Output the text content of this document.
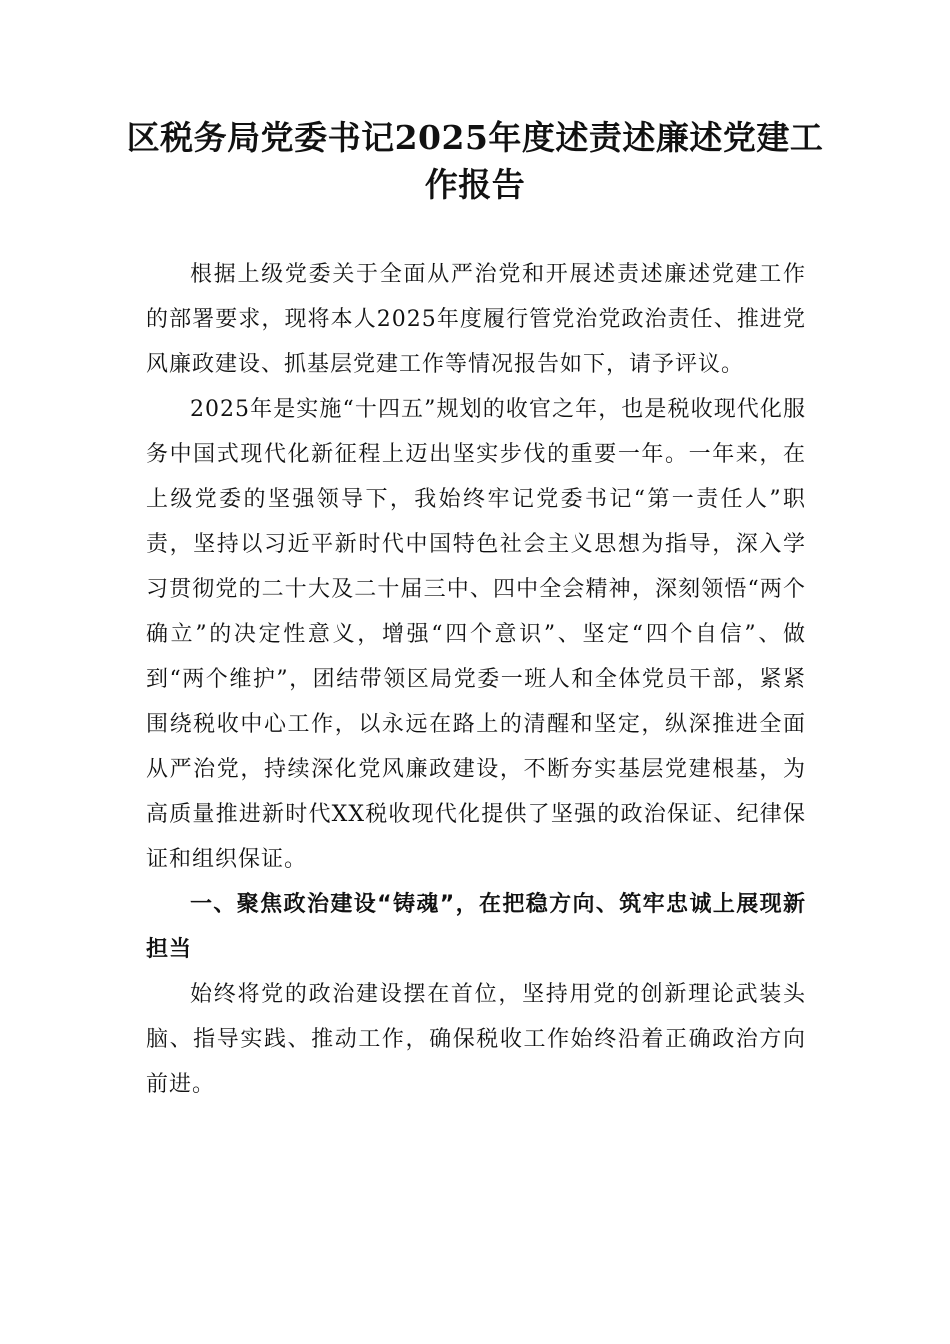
区税务局党委书记2025年度述责述廉述党建工作报告

根据上级党委关于全面从严治党和开展述责述廉述党建工作的部署要求，现将本人2025年度履行管党治党政治责任、推进党风廉政建设、抓基层党建工作等情况报告如下，请予评议。

2025年是实施“十四五”规划的收官之年，也是税收现代化服务中国式现代化新征程上迈出坚实步伐的重要一年。一年来，在上级党委的坚强领导下，我始终牢记党委书记“第一责任人”职责，坚持以习近平新时代中国特色社会主义思想为指导，深入学习贯彻党的二十大及二十届三中、四中全会精神，深刻领悟“两个确立”的决定性意义，增强“四个意识”、坚定“四个自信”、做到“两个维护”，团结带领区局党委一班人和全体党员干部，紧紧围绕税收中心工作，以永远在路上的清醒和坚定，纵深推进全面从严治党，持续深化党风廉政建设，不断夯实基层党建根基，为高质量推进新时代XX税收现代化提供了坚强的政治保证、纪律保证和组织保证。

一、聚焦政治建设“铸魂”，在把稳方向、筑牢忠诚上展现新担当

始终将党的政治建设摆在首位，坚持用党的创新理论武装头脑、指导实践、推动工作，确保税收工作始终沿着正确政治方向前进。
